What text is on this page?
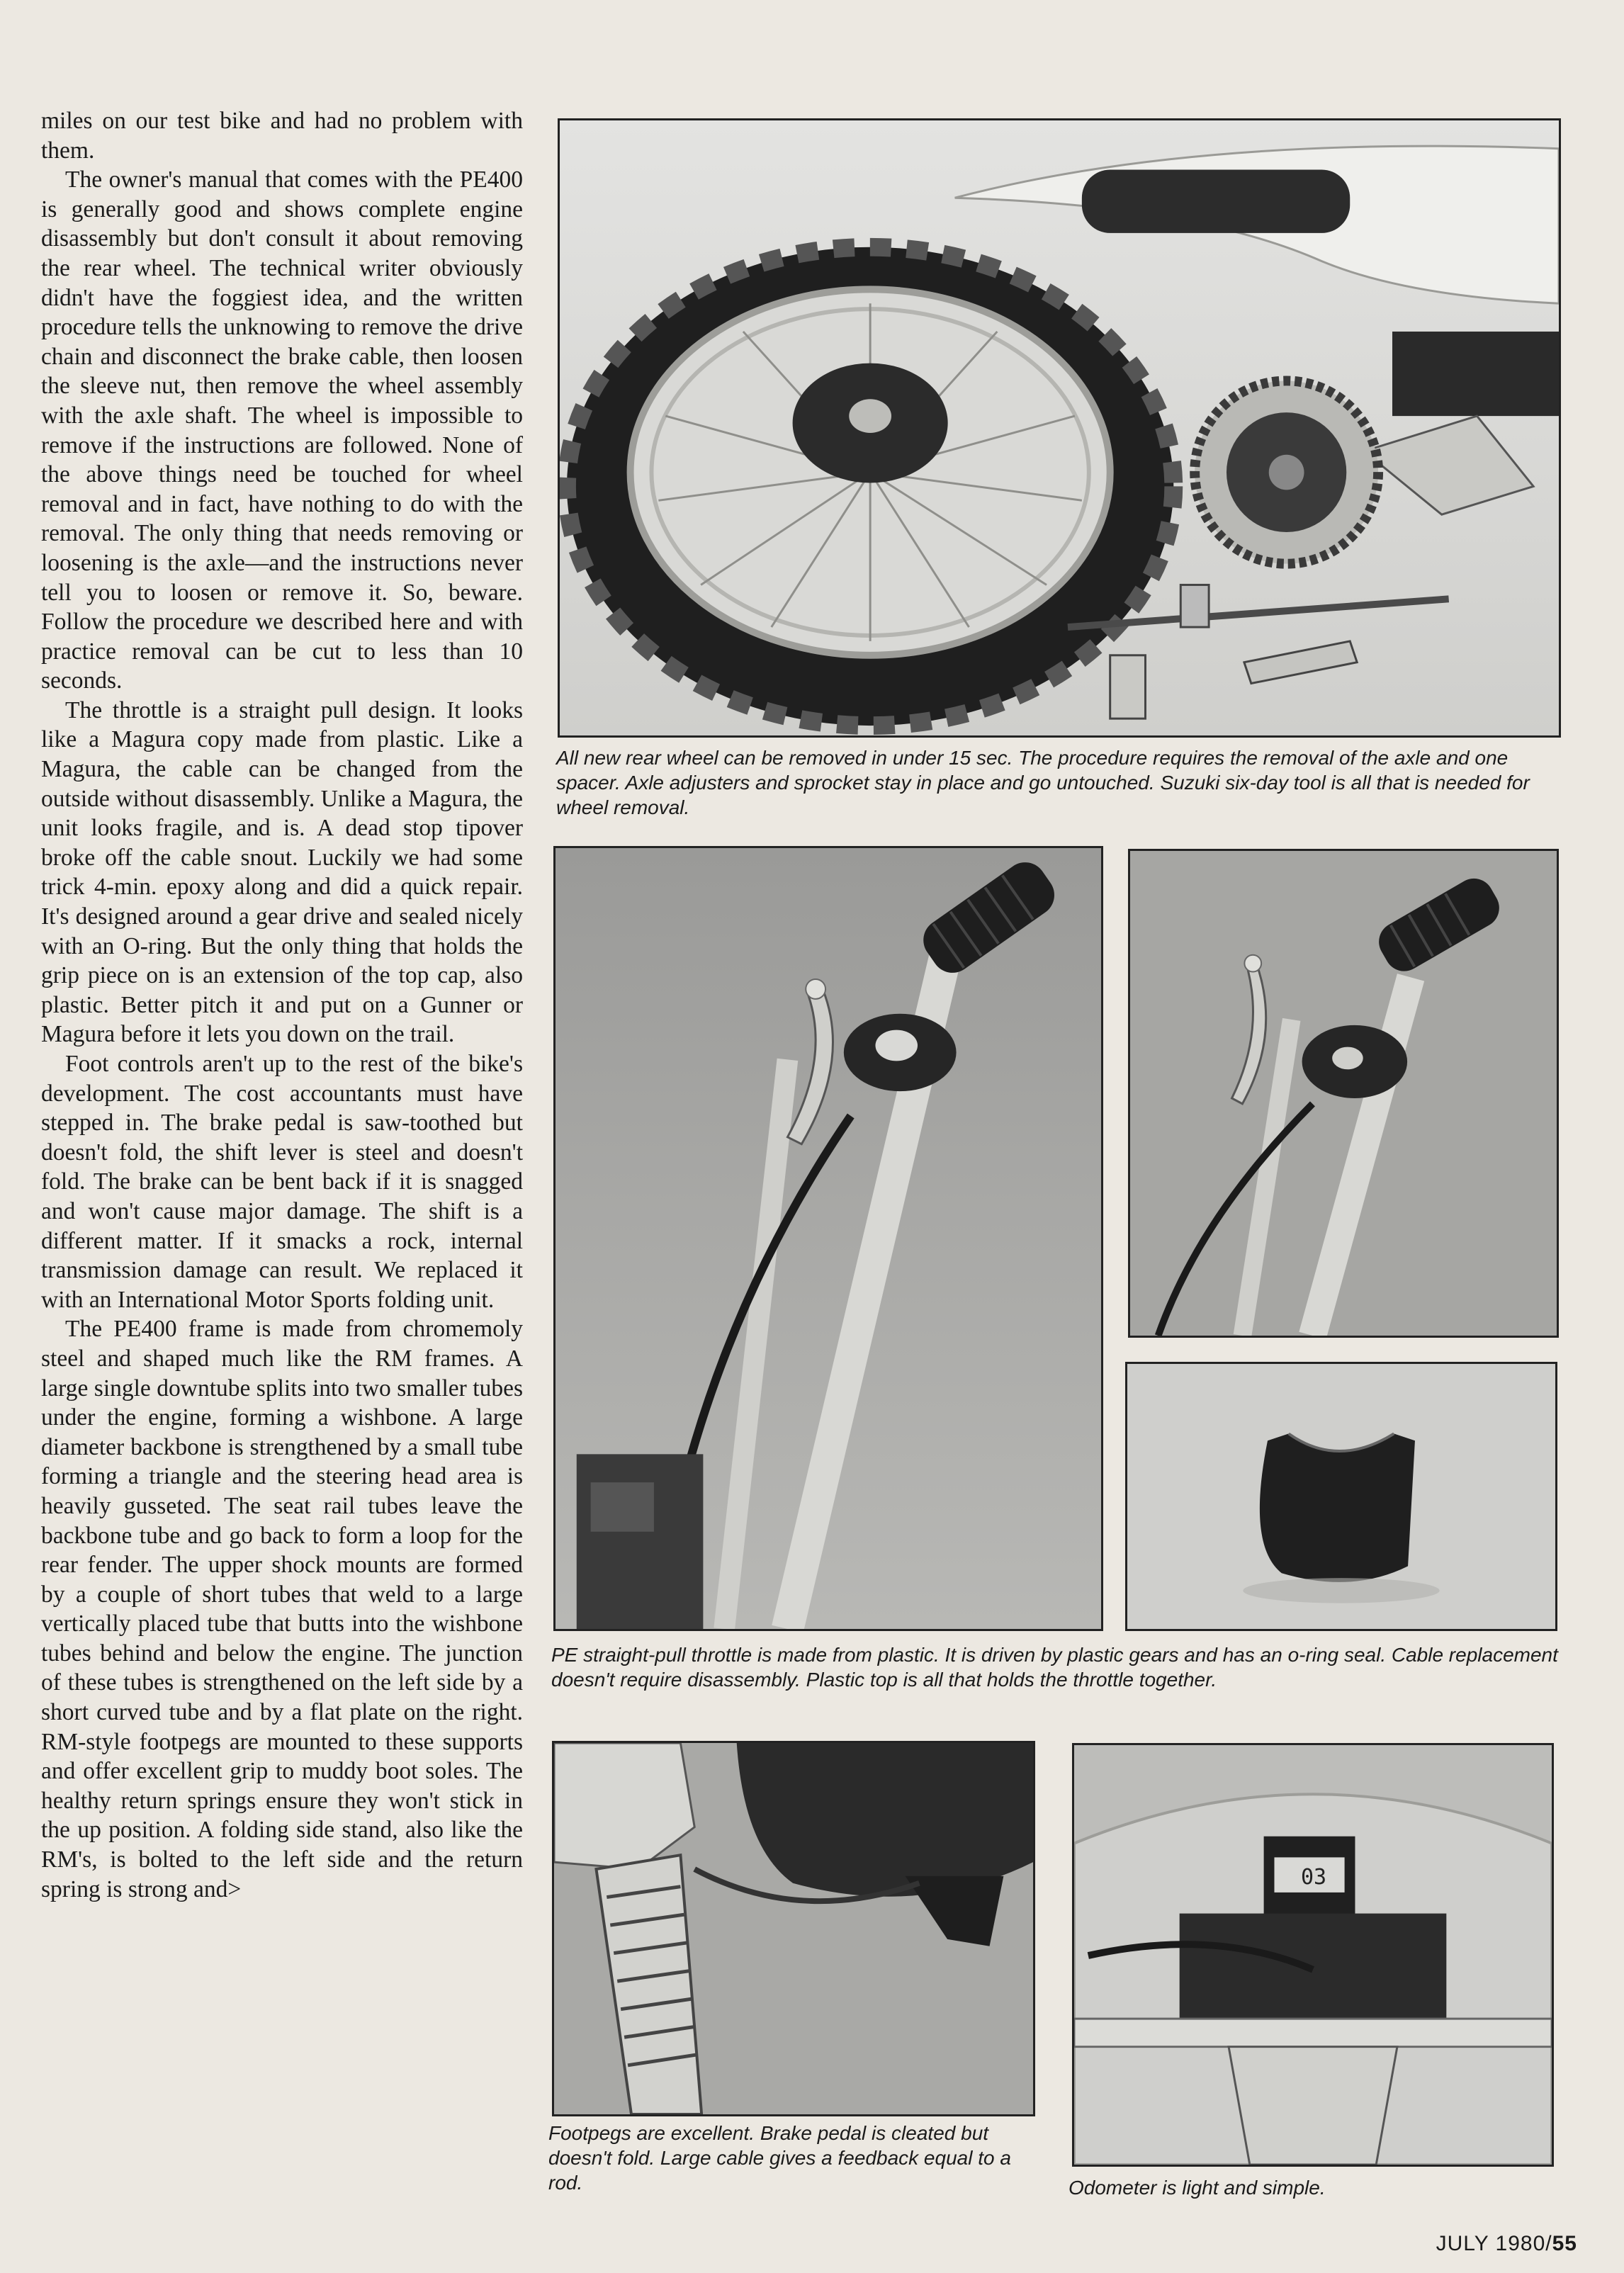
miles on our test bike and had no problem with them.

The owner's manual that comes with the PE400 is generally good and shows complete engine disassembly but don't consult it about removing the rear wheel. The technical writer obviously didn't have the foggiest idea, and the written procedure tells the unknowing to remove the drive chain and disconnect the brake cable, then loosen the sleeve nut, then remove the wheel assembly with the axle shaft. The wheel is impossible to remove if the instructions are followed. None of the above things need be touched for wheel removal and in fact, have nothing to do with the removal. The only thing that needs removing or loosening is the axle—and the instructions never tell you to loosen or remove it. So, beware. Follow the procedure we described here and with practice removal can be cut to less than 10 seconds.

The throttle is a straight pull design. It looks like a Magura copy made from plastic. Like a Magura, the cable can be changed from the outside without disassembly. Unlike a Magura, the unit looks fragile, and is. A dead stop tipover broke off the cable snout. Luckily we had some trick 4-min. epoxy along and did a quick repair. It's designed around a gear drive and sealed nicely with an O-ring. But the only thing that holds the grip piece on is an extension of the top cap, also plastic. Better pitch it and put on a Gunner or Magura before it lets you down on the trail.

Foot controls aren't up to the rest of the bike's development. The cost accountants must have stepped in. The brake pedal is saw-toothed but doesn't fold, the shift lever is steel and doesn't fold. The brake can be bent back if it is snagged and won't cause major damage. The shift is a different matter. If it smacks a rock, internal transmission damage can result. We replaced it with an International Motor Sports folding unit.

The PE400 frame is made from chromemoly steel and shaped much like the RM frames. A large single downtube splits into two smaller tubes under the engine, forming a wishbone. A large diameter backbone is strengthened by a small tube forming a triangle and the steering head area is heavily gusseted. The seat rail tubes leave the backbone tube and go back to form a loop for the rear fender. The upper shock mounts are formed by a couple of short tubes that weld to a large vertically placed tube that butts into the wishbone tubes behind and below the engine. The junction of these tubes is strengthened on the left side by a short curved tube and by a flat plate on the right. RM-style footpegs are mounted to these supports and offer excellent grip to muddy boot soles. The healthy return springs ensure they won't stick in the up position. A folding side stand, also like the RM's, is bolted to the left side and the return spring is strong and>

All new rear wheel can be removed in under 15 sec. The procedure requires the removal of the axle and one spacer. Axle adjusters and sprocket stay in place and go untouched. Suzuki six-day tool is all that is needed for wheel removal.
PE straight-pull throttle is made from plastic. It is driven by plastic gears and has an o-ring seal. Cable replacement doesn't require disassembly. Plastic top is all that holds the throttle together.
Footpegs are excellent. Brake pedal is cleated but doesn't fold. Large cable gives a feedback equal to a rod.
03
Odometer is light and simple.
JULY 1980/55
